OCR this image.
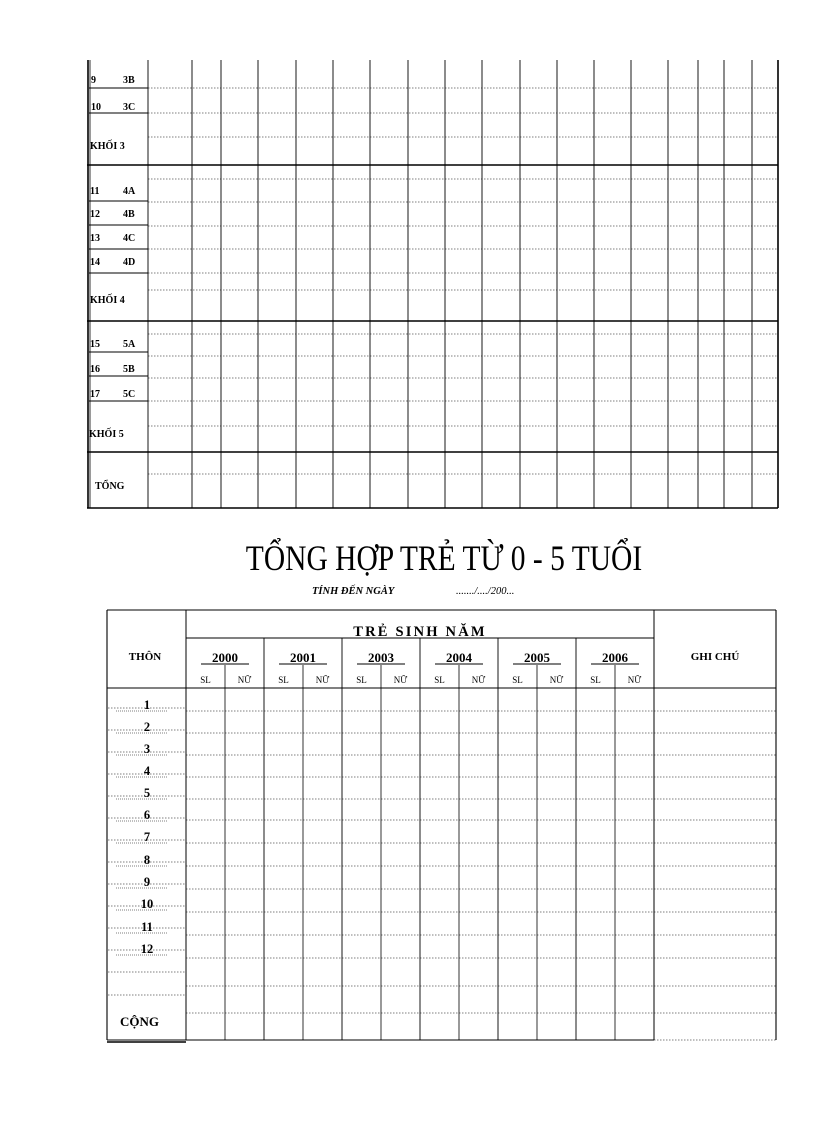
9	3B
10 3C
KHỐI 3
11 4A
12 4B
13 4C
14 4D
KHỐI 4
15 5A
16 5B
17 5C
KHỐI 5
TỔNG
TỔNG HỢP TRẺ TỪ 0 - 5 TUỔI
TÍNH ĐẾN NGÀY	......./..../200...
THÔN
TRẺ SINH NĂM
GHI CHÚ
2000	2001	2003	2004	2005	2006
SL	NỮ	SL	NỮ	SL	NỮ	SL	NỮ	SL	NỮ	SL	NỮ
1
2
3
4
5
6
7
8
9
10
11
12
CỘNG
